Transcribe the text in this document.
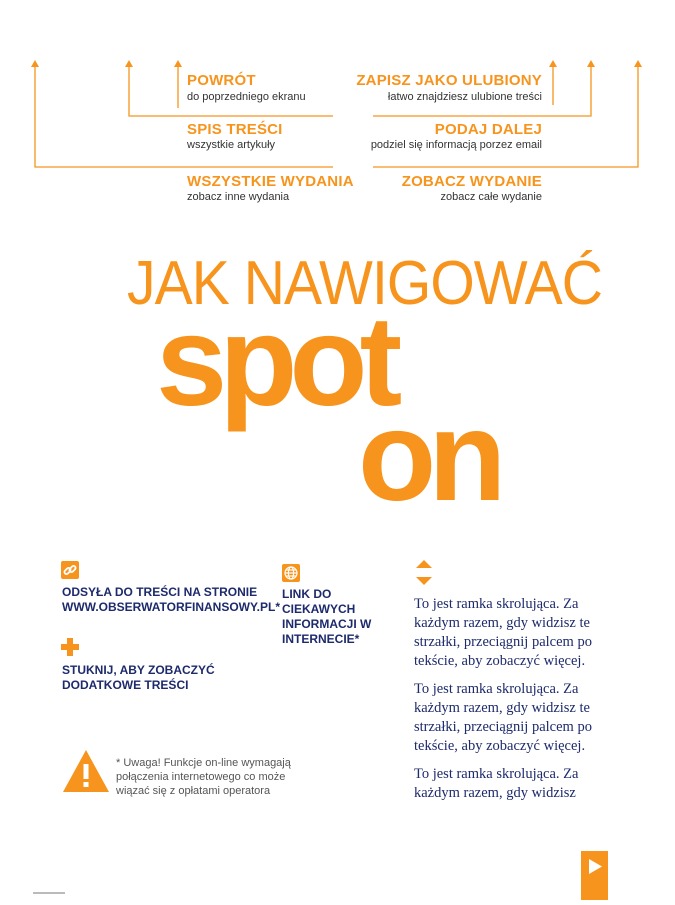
POWRÓT
do poprzedniego ekranu
SPIS TREŚCI
wszystkie artykuły
WSZYSTKIE WYDANIA
zobacz inne wydania
ZAPISZ JAKO ULUBIONY
łatwo znajdziesz ulubione treści
PODAJ DALEJ
podziel się informacją porzez email
ZOBACZ WYDANIE
zobacz całe wydanie
JAK NAWIGOWAĆ
spot
on
ODSYŁA DO TREŚCI NA STRONIE WWW.OBSERWATORFINANSOWY.PL*
STUKNIJ, ABY ZOBACZYĆ DODATKOWE TREŚCI
LINK DO CIEKAWYCH INFORMACJI W INTERNECIE*
* Uwaga! Funkcje on-line wymagają połączenia internetowego co może wiązać się z opłatami operatora

To jest ramka skrolująca. Za każdym razem, gdy widzisz te strzałki, przeciągnij palcem po tekście, aby zobaczyć więcej.

To jest ramka skrolująca. Za każdym razem, gdy widzisz te strzałki, przeciągnij palcem po tekście, aby zobaczyć więcej.

To jest ramka skrolująca. Za każdym razem, gdy widzisz
